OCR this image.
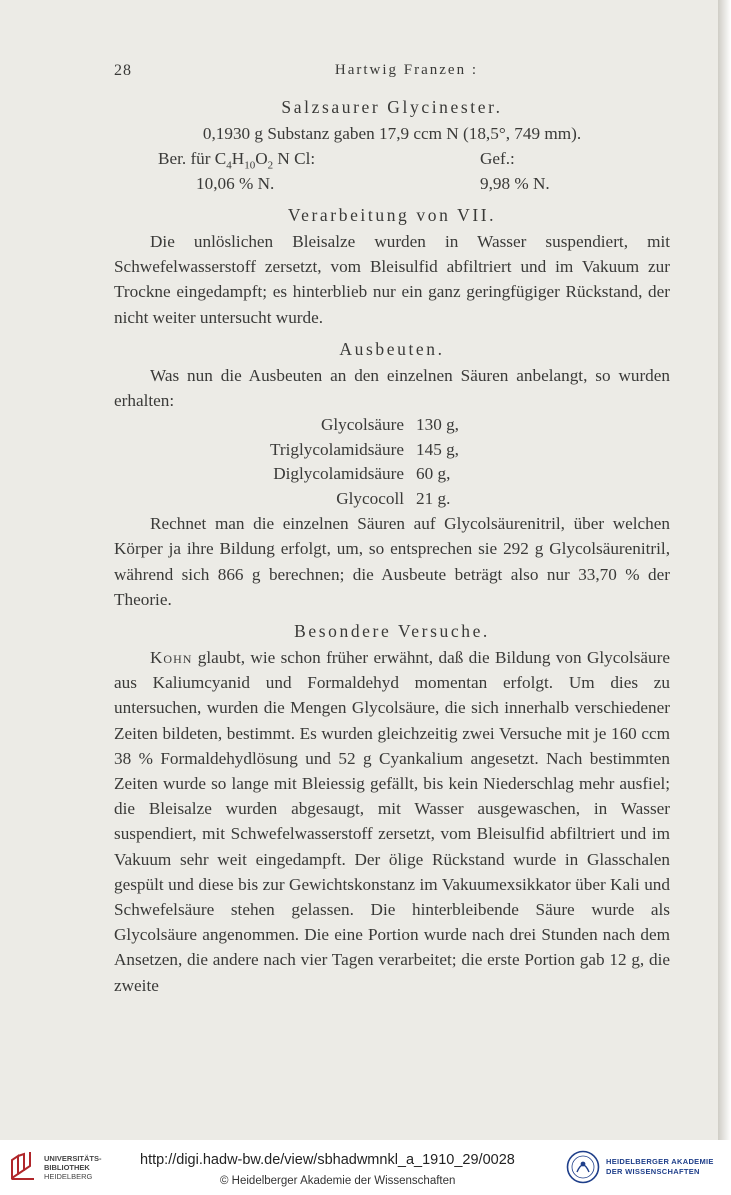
28	Hartwig Franzen :
Salzsaurer Glycinester.
0,1930 g Substanz gaben 17,9 ccm N (18,5°, 749 mm).
Ber. für $C_4H_{10}O_2$ N Cl:	Gef.:
10,06 % N.	9,98 % N.
Verarbeitung von VII.

Die unlöslichen Bleisalze wurden in Wasser suspendiert, mit Schwefelwasserstoff zersetzt, vom Bleisulfid abfiltriert und im Vakuum zur Trockne eingedampft; es hinterblieb nur ein ganz geringfügiger Rückstand, der nicht weiter untersucht wurde.

Ausbeuten.

Was nun die Ausbeuten an den einzelnen Säuren anbelangt, so wurden erhalten:

Glycolsäure 130 g,
Triglycolamidsäure 145 g,
Diglycolamidsäure 60 g,
Glycocoll 21 g.

Rechnet man die einzelnen Säuren auf Glycolsäurenitril, über welchen Körper ja ihre Bildung erfolgt, um, so entsprechen sie 292 g Glycolsäurenitril, während sich 866 g berechnen; die Ausbeute beträgt also nur 33,70 % der Theorie.

Besondere Versuche.

Kohn glaubt, wie schon früher erwähnt, daß die Bildung von Glycolsäure aus Kaliumcyanid und Formaldehyd momentan erfolgt. Um dies zu untersuchen, wurden die Mengen Glycolsäure, die sich innerhalb verschiedener Zeiten bildeten, bestimmt. Es wurden gleichzeitig zwei Versuche mit je 160 ccm 38 % Formaldehydlösung und 52 g Cyankalium angesetzt. Nach bestimmten Zeiten wurde so lange mit Bleiessig gefällt, bis kein Niederschlag mehr ausfiel; die Bleisalze wurden abgesaugt, mit Wasser ausgewaschen, in Wasser suspendiert, mit Schwefelwasserstoff zersetzt, vom Bleisulfid abfiltriert und im Vakuum sehr weit eingedampft. Der ölige Rückstand wurde in Glasschalen gespült und diese bis zur Gewichtskonstanz im Vakuumexsikkator über Kali und Schwefelsäure stehen gelassen. Die hinterbleibende Säure wurde als Glycolsäure angenommen. Die eine Portion wurde nach drei Stunden nach dem Ansetzen, die andere nach vier Tagen verarbeitet; die erste Portion gab 12 g, die zweite

UNIVERSITÄTS-
BIBLIOTHEK
HEIDELBERG
http://digi.hadw-bw.de/view/sbhadwmnkl_a_1910_29/0028
© Heidelberger Akademie der Wissenschaften
HEIDELBERGER AKADEMIE
DER WISSENSCHAFTEN
